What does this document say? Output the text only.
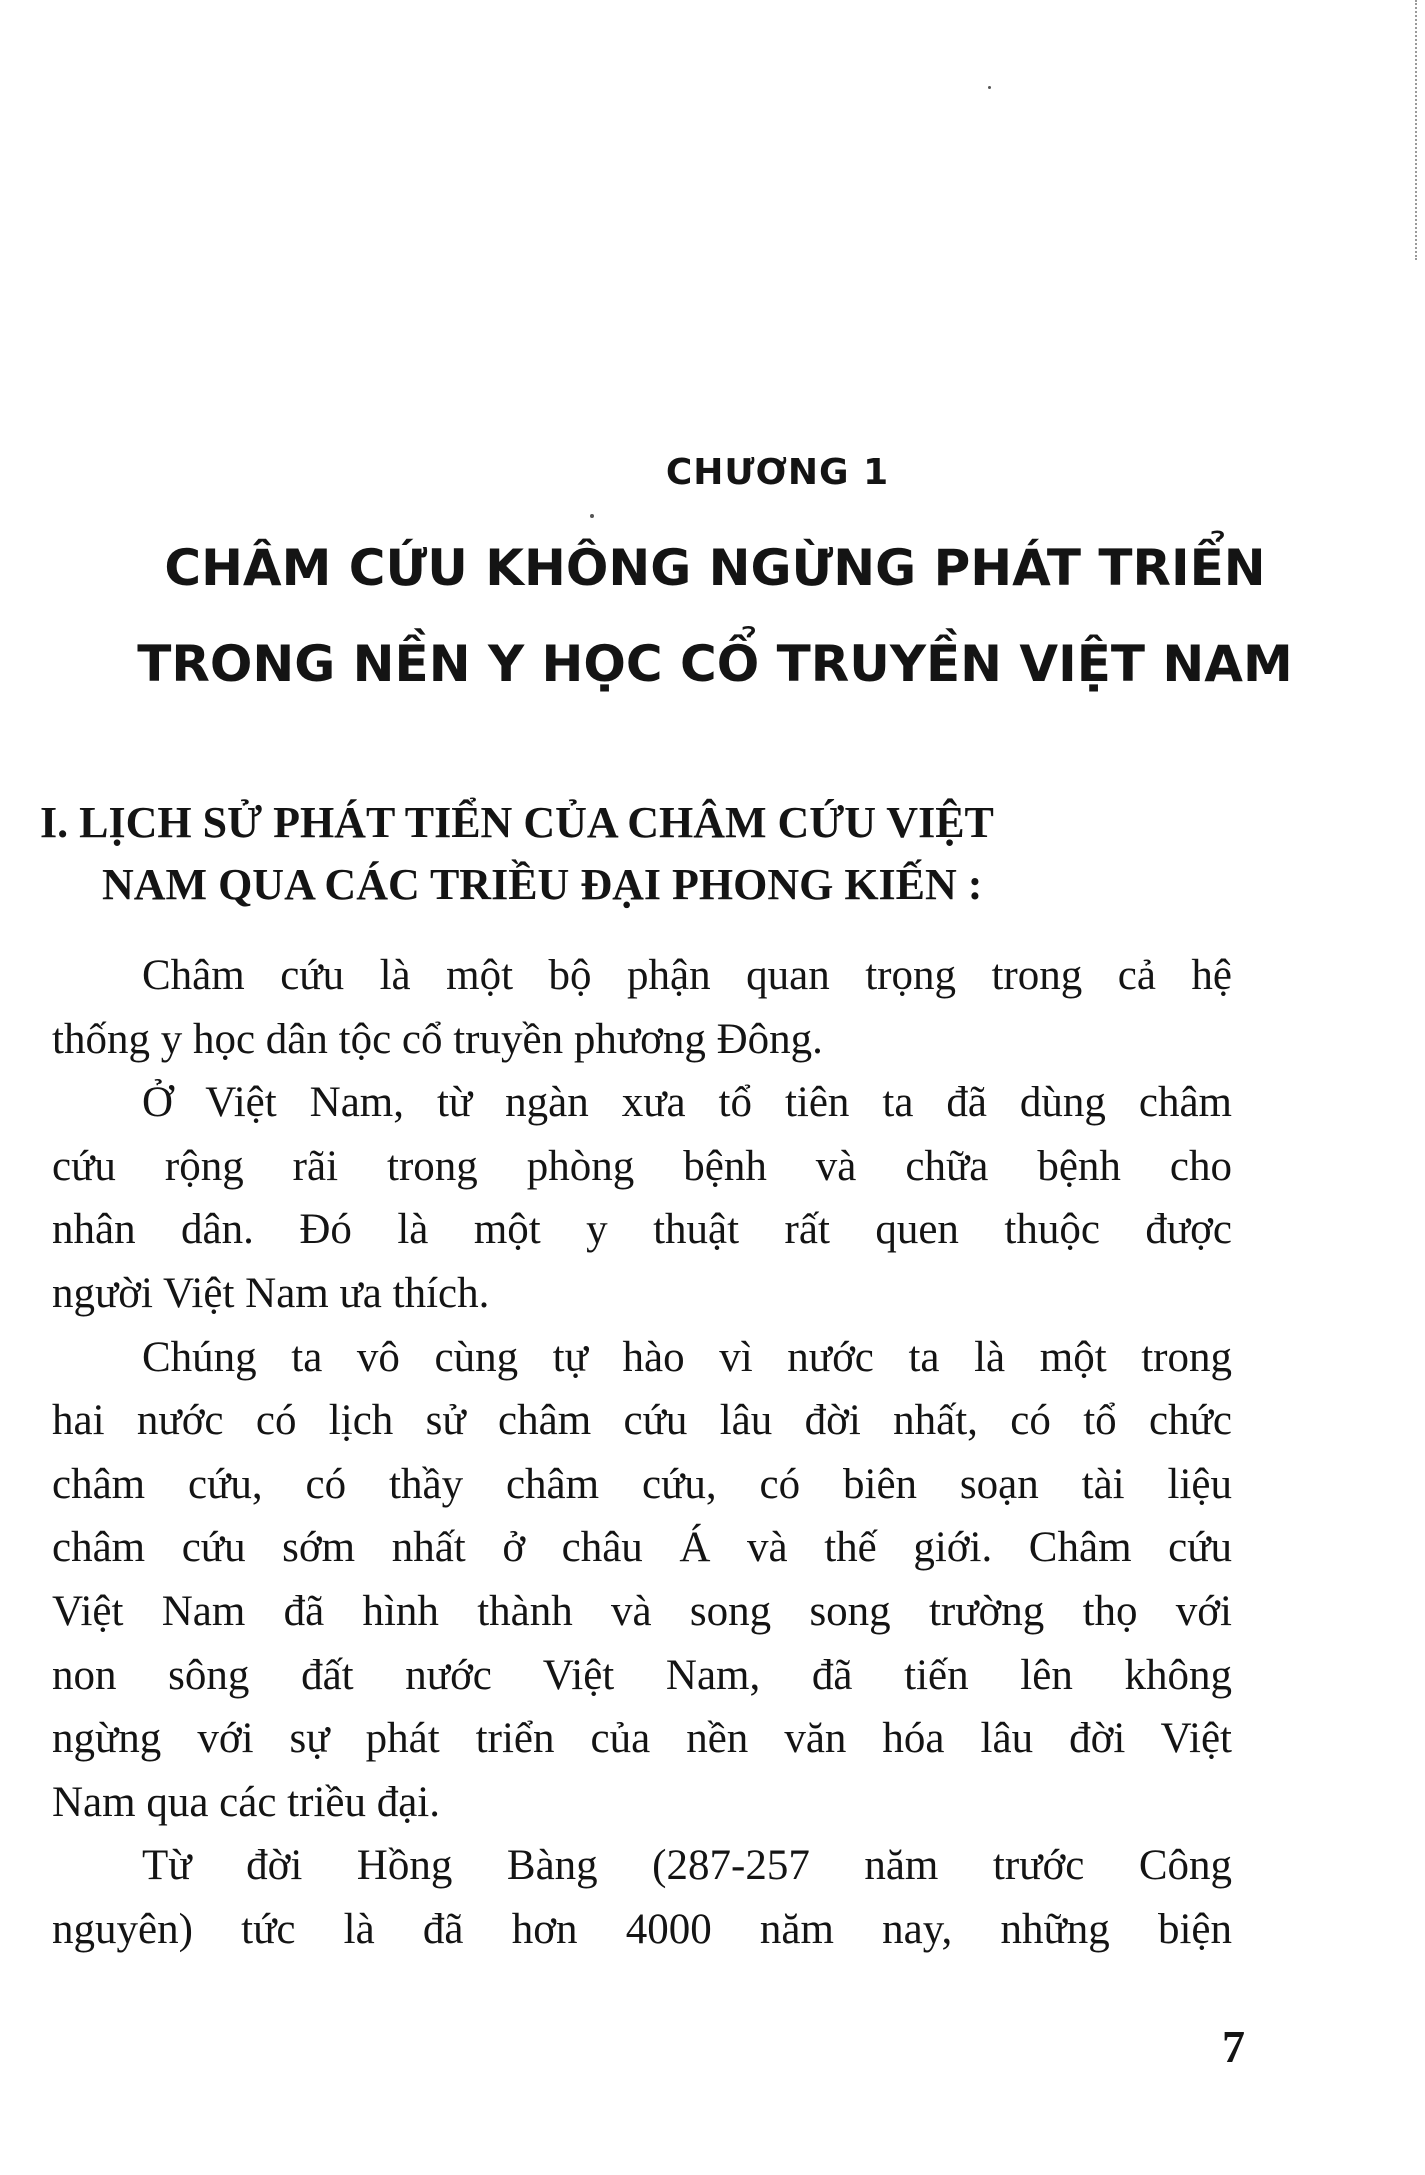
CHƯƠNG 1
CHÂM CỨU KHÔNG NGỪNG PHÁT TRIỂN
TRONG NỀN Y HỌC CỔ TRUYỀN VIỆT NAM
I. LỊCH SỬ PHÁT TIỂN CỦA CHÂM CỨU VIỆT
NAM QUA CÁC TRIỀU ĐẠI PHONG KIẾN :

Châm cứu là một bộ phận quan trọng trong cả hệ
thống y học dân tộc cổ truyền phương Đông.

Ở Việt Nam, từ ngàn xưa tổ tiên ta đã dùng châm
cứu rộng rãi trong phòng bệnh và chữa bệnh cho
nhân dân. Đó là một y thuật rất quen thuộc được
người Việt Nam ưa thích.

Chúng ta vô cùng tự hào vì nước ta là một trong
hai nước có lịch sử châm cứu lâu đời nhất, có tổ chức
châm cứu, có thầy châm cứu, có biên soạn tài liệu
châm cứu sớm nhất ở châu Á và thế giới. Châm cứu
Việt Nam đã hình thành và song song trường thọ với
non sông đất nước Việt Nam, đã tiến lên không
ngừng với sự phát triển của nền văn hóa lâu đời Việt
Nam qua các triều đại.

Từ đời Hồng Bàng (287-257 năm trước Công
nguyên) tức là đã hơn 4000 năm nay, những biện

7
